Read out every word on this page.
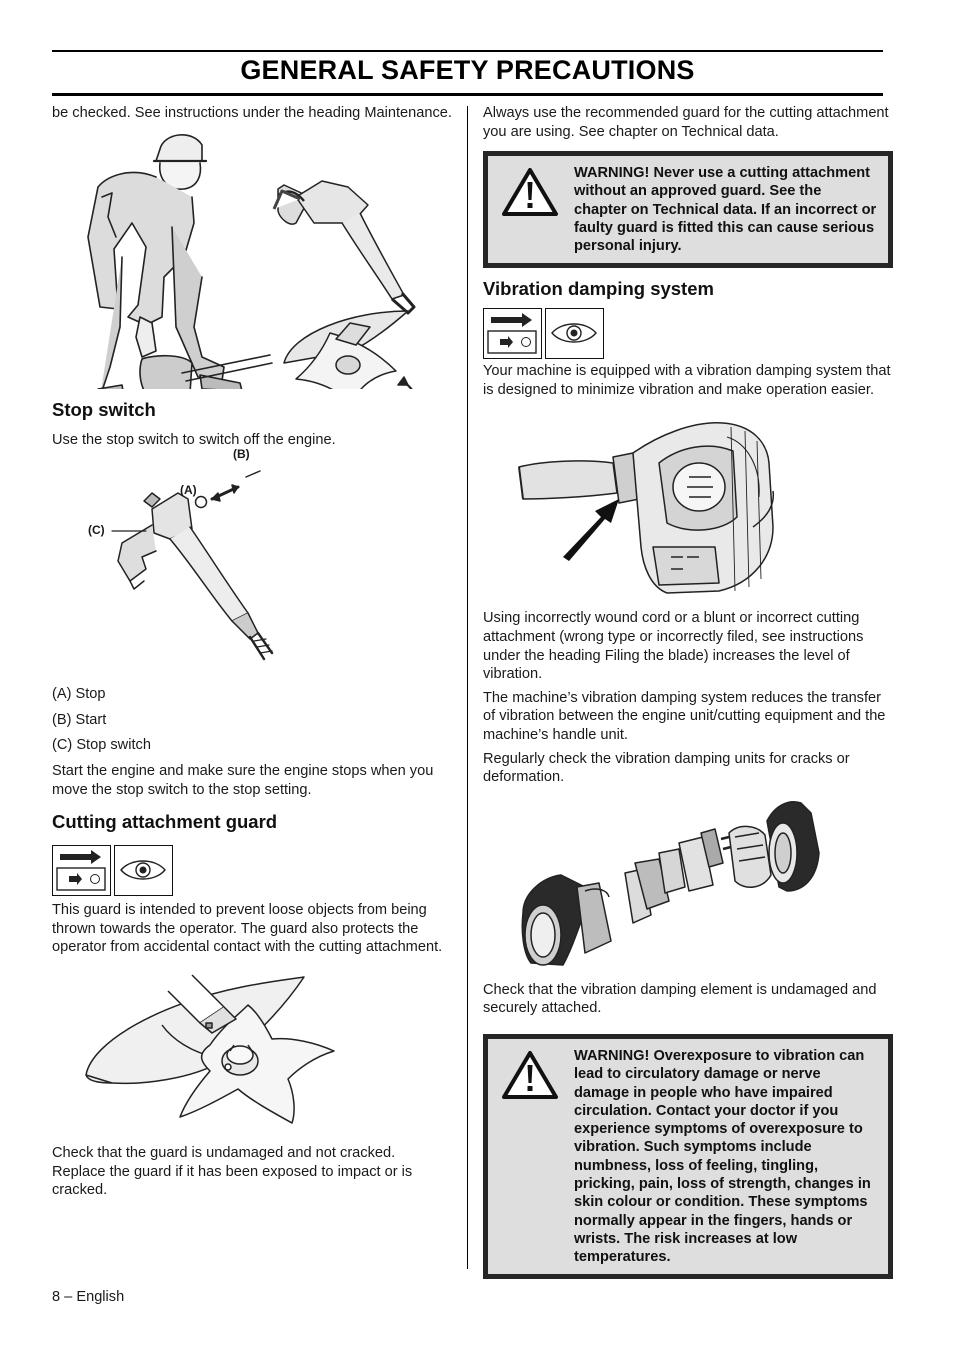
GENERAL SAFETY PRECAUTIONS

be checked. See instructions under the heading Maintenance.

Stop switch

Use the stop switch to switch off the engine.

(B)
(A)
(C)

(A) Stop

(B) Start

(C) Stop switch

Start the engine and make sure the engine stops when you move the stop switch to the stop setting.

Cutting attachment guard

This guard is intended to prevent loose objects from being thrown towards the operator. The guard also protects the operator from accidental contact with the cutting attachment.

Check that the guard is undamaged and not cracked. Replace the guard if it has been exposed to impact or is cracked.

Always use the recommended guard for the cutting attachment you are using. See chapter on Technical data.

WARNING! Never use a cutting attachment without an approved guard. See the chapter on Technical data. If an incorrect or faulty guard is fitted this can cause serious personal injury.

Vibration damping system

Your machine is equipped with a vibration damping system that is designed to minimize vibration and make operation easier.

Using incorrectly wound cord or a blunt or incorrect cutting attachment (wrong type or incorrectly filed, see instructions under the heading Filing the blade) increases the level of vibration.

The machine’s vibration damping system reduces the transfer of vibration between the engine unit/cutting equipment and the machine’s handle unit.

Regularly check the vibration damping units for cracks or deformation.

Check that the vibration damping element is undamaged and securely attached.

WARNING! Overexposure to vibration can lead to circulatory damage or nerve damage in people who have impaired circulation. Contact your doctor if you experience symptoms of overexposure to vibration. Such symptoms include numbness, loss of feeling, tingling, pricking, pain, loss of strength, changes in skin colour or condition. These symptoms normally appear in the fingers, hands or wrists. The risk increases at low temperatures.

8 – English
